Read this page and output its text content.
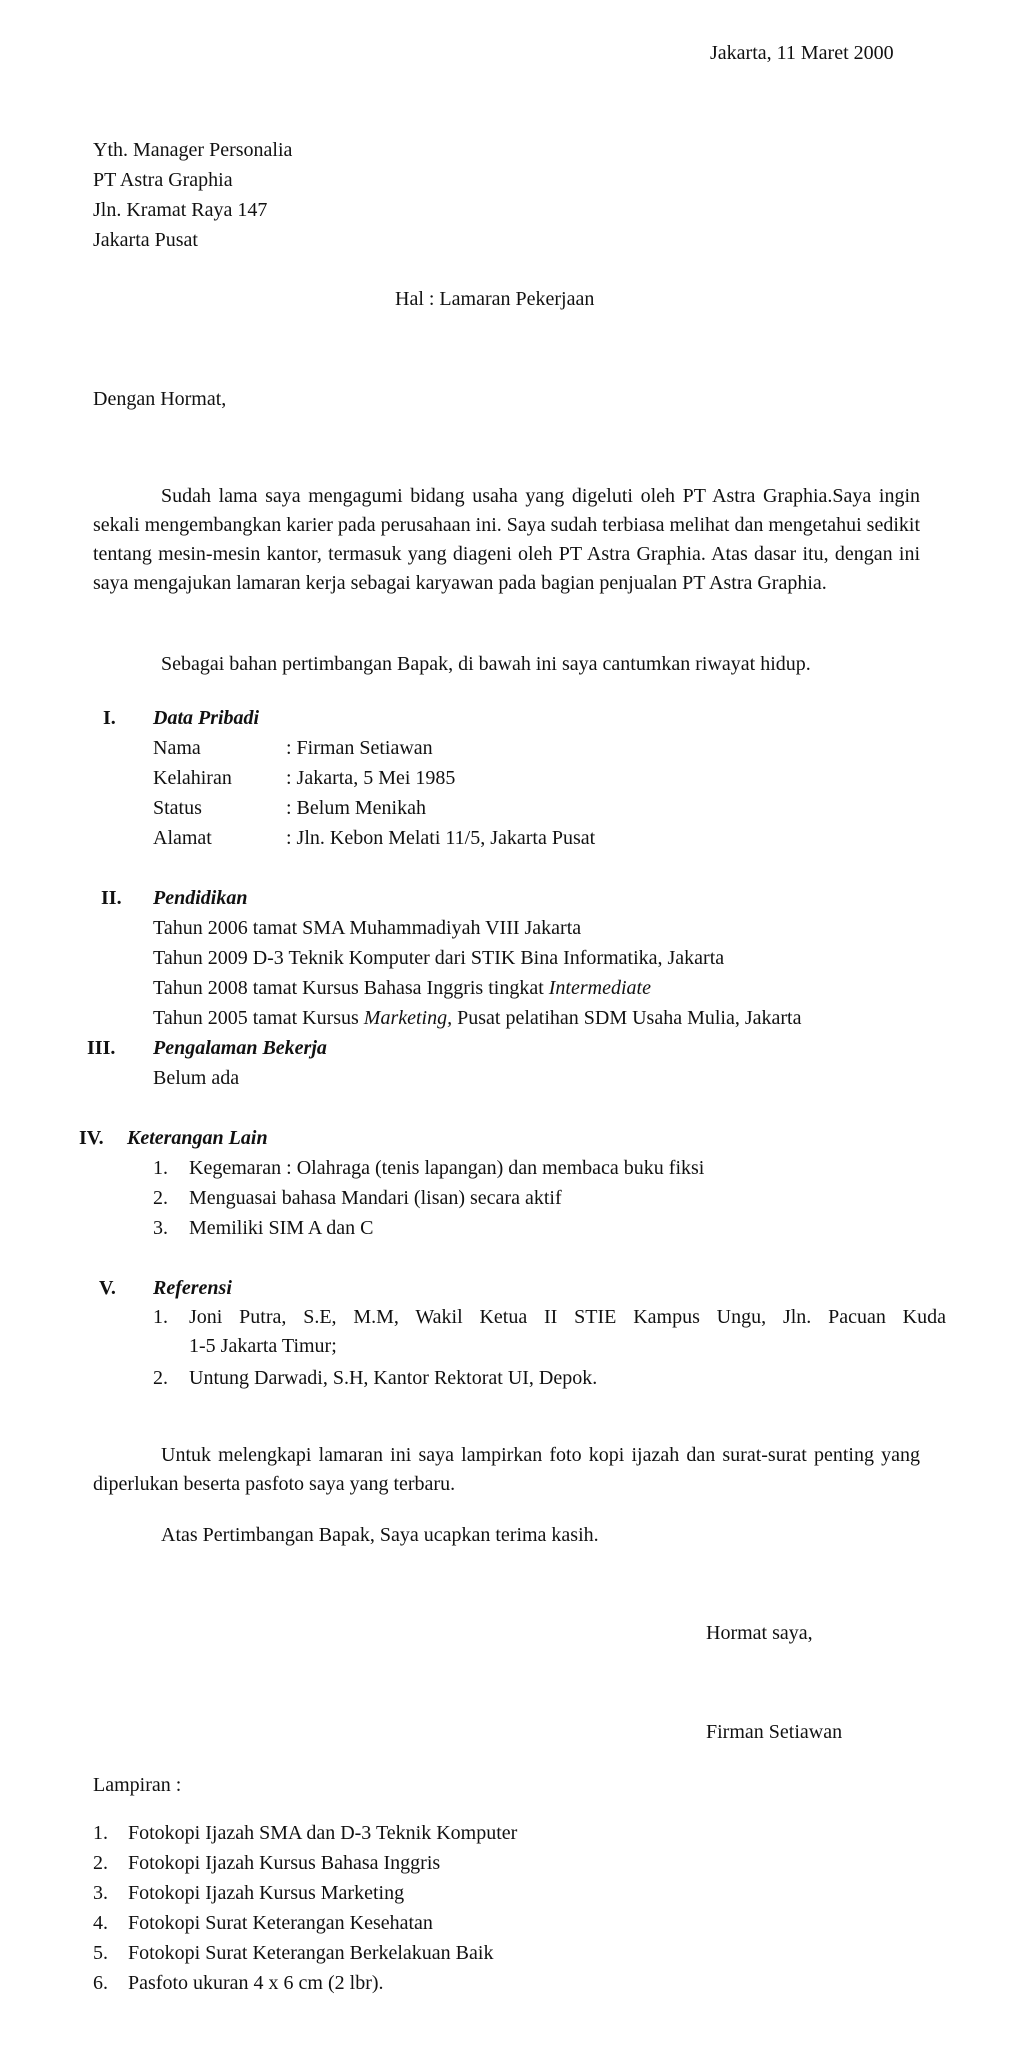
Jakarta, 11 Maret 2000
Yth. Manager Personalia
PT Astra Graphia
Jln. Kramat Raya 147
Jakarta Pusat
Hal : Lamaran Pekerjaan
Dengan Hormat,
Sudah lama saya mengagumi bidang usaha yang digeluti oleh PT Astra Graphia.Saya ingin sekali mengembangkan karier pada perusahaan ini. Saya sudah terbiasa melihat dan mengetahui sedikit tentang mesin-mesin kantor, termasuk yang diageni oleh PT Astra Graphia. Atas dasar itu, dengan ini saya mengajukan lamaran kerja sebagai karyawan pada bagian penjualan PT Astra Graphia.
Sebagai bahan pertimbangan Bapak, di bawah ini saya cantumkan riwayat hidup.
I. Data Pribadi
Nama	: Firman Setiawan
Kelahiran	: Jakarta, 5 Mei 1985
Status	: Belum Menikah
Alamat	: Jln. Kebon Melati 11/5, Jakarta Pusat
II. Pendidikan
Tahun 2006 tamat SMA Muhammadiyah VIII Jakarta
Tahun 2009 D-3 Teknik Komputer dari STIK Bina Informatika, Jakarta
Tahun 2008 tamat Kursus Bahasa Inggris tingkat Intermediate
Tahun 2005 tamat Kursus Marketing, Pusat pelatihan SDM Usaha Mulia, Jakarta
III. Pengalaman Bekerja
Belum ada
IV. Keterangan Lain
1. Kegemaran : Olahraga (tenis lapangan) dan membaca buku fiksi
2. Menguasai bahasa Mandari (lisan) secara aktif
3. Memiliki SIM A dan C
V. Referensi
1. Joni Putra, S.E, M.M, Wakil Ketua II STIE Kampus Ungu, Jln. Pacuan Kuda
1-5 Jakarta Timur;
2. Untung Darwadi, S.H, Kantor Rektorat UI, Depok.
Untuk melengkapi lamaran ini saya lampirkan foto kopi ijazah dan surat-surat penting yang diperlukan beserta pasfoto saya yang terbaru.
Atas Pertimbangan Bapak, Saya ucapkan terima kasih.
Hormat saya,
Firman Setiawan
Lampiran :
1. Fotokopi Ijazah SMA dan D-3 Teknik Komputer
2. Fotokopi Ijazah Kursus Bahasa Inggris
3. Fotokopi Ijazah Kursus Marketing
4. Fotokopi Surat Keterangan Kesehatan
5. Fotokopi Surat Keterangan Berkelakuan Baik
6. Pasfoto ukuran 4 x 6 cm (2 lbr).
